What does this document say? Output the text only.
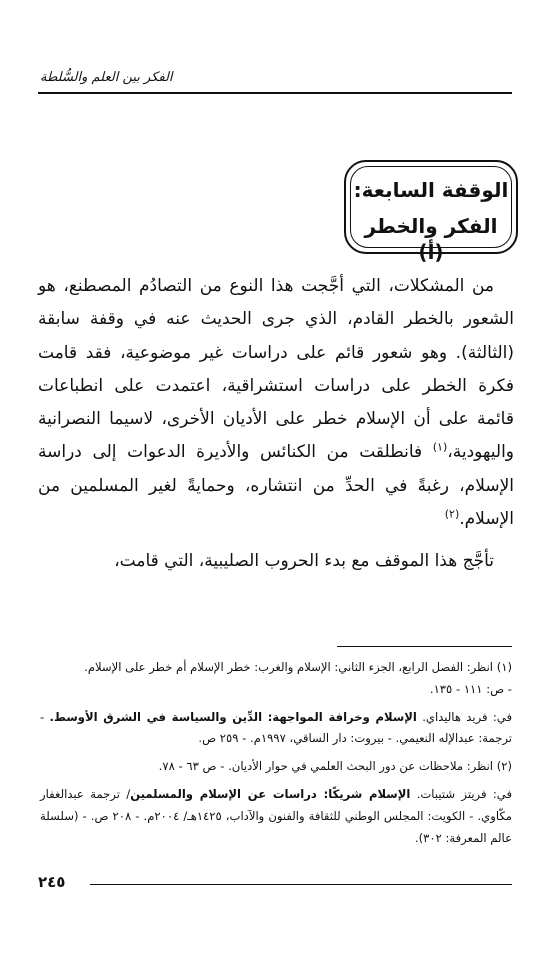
الفكر بين العلم والسُّلطة
الوقفة السابعة:
الفكر والخطر (أ)

من المشكلات، التي أجَّجت هذا النوع من التصادُم المصطنع، هو الشعور بالخطر القادم، الذي جرى الحديث عنه في وقفة سابقة (الثالثة). وهو شعور قائم على دراسات غير موضوعية، فقد قامت فكرة الخطر على دراسات استشراقية، اعتمدت على انطباعات قائمة على أن الإسلام خطر على الأديان الأخرى، لاسيما النصرانية واليهودية،$^{(١)}$ فانطلقت من الكنائس والأديرة الدعوات إلى دراسة الإسلام، رغبةً في الحدِّ من انتشاره، وحمايةً لغير المسلمين من الإسلام.$^{(٢)}$

تأجَّج هذا الموقف مع بدء الحروب الصليبية، التي قامت،

(١) انظر: الفصل الرابع، الجزء الثاني: الإسلام والغرب: خطر الإسلام أم خطر على الإسلام.
- ص: ١١١ - ١٣٥.
في: فريد هاليداي. الإسلام وخرافة المواجهة: الدِّين والسياسة في الشرق الأوسط. - ترجمة: عبدالإله النعيمي. - بيروت: دار الساقي، ١٩٩٧م. - ٢٥٩ ص.
(٢) انظر: ملاحظات عن دور البحث العلمي في حوار الأديان. - ص ٦٣ - ٧٨.
في: فريتز شتيبات. الإسلام شريكًا: دراسات عن الإسلام والمسلمين/ ترجمة عبدالغفار مكّاوي. - الكويت: المجلس الوطني للثقافة والفنون والآداب، ١٤٢٥هـ/ ٢٠٠٤م. - ٢٠٨ ص. - (سلسلة عالم المعرفة: ٣٠٢).
٢٤٥
